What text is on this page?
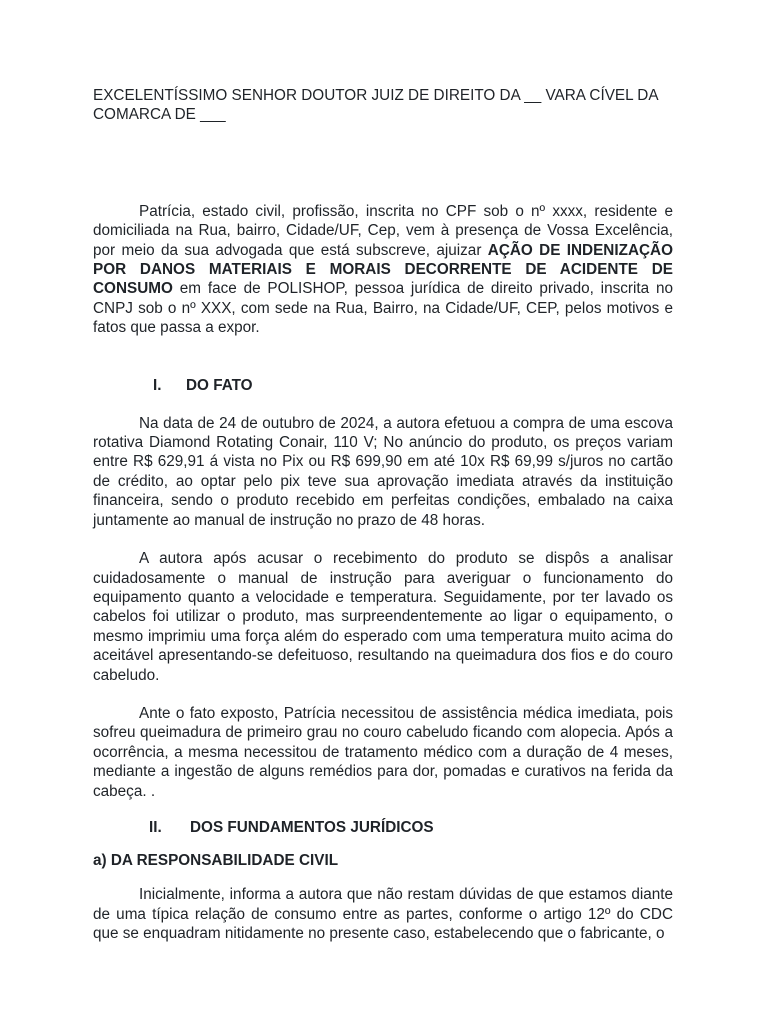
EXCELENTÍSSIMO SENHOR DOUTOR JUIZ DE DIREITO DA __ VARA CÍVEL DA COMARCA DE ___

Patrícia, estado civil, profissão, inscrita no CPF sob o nº xxxx, residente e domiciliada na Rua, bairro, Cidade/UF, Cep, vem à presença de Vossa Excelência, por meio da sua advogada que está subscreve, ajuizar AÇÃO DE INDENIZAÇÃO POR DANOS MATERIAIS E MORAIS DECORRENTE DE ACIDENTE DE CONSUMO em face de POLISHOP, pessoa jurídica de direito privado, inscrita no CNPJ sob o nº XXX, com sede na Rua, Bairro, na Cidade/UF, CEP, pelos motivos e fatos que passa a expor.

I. DO FATO

Na data de 24 de outubro de 2024, a autora efetuou a compra de uma escova rotativa Diamond Rotating Conair, 110 V; No anúncio do produto, os preços variam entre R$ 629,91 á vista no Pix ou R$ 699,90 em até 10x R$ 69,99 s/juros no cartão de crédito, ao optar pelo pix teve sua aprovação imediata através da instituição financeira, sendo o produto recebido em perfeitas condições, embalado na caixa juntamente ao manual de instrução no prazo de 48 horas.

A autora após acusar o recebimento do produto se dispôs a analisar cuidadosamente o manual de instrução para averiguar o funcionamento do equipamento quanto a velocidade e temperatura. Seguidamente, por ter lavado os cabelos foi utilizar o produto, mas surpreendentemente ao ligar o equipamento, o mesmo imprimiu uma força além do esperado com uma temperatura muito acima do aceitável apresentando-se defeituoso, resultando na queimadura dos fios e do couro cabeludo.

Ante o fato exposto, Patrícia necessitou de assistência médica imediata, pois sofreu queimadura de primeiro grau no couro cabeludo ficando com alopecia. Após a ocorrência, a mesma necessitou de tratamento médico com a duração de 4 meses, mediante a ingestão de alguns remédios para dor, pomadas e curativos na ferida da cabeça. .

II. DOS FUNDAMENTOS JURÍDICOS

a) DA RESPONSABILIDADE CIVIL

Inicialmente, informa a autora que não restam dúvidas de que estamos diante de uma típica relação de consumo entre as partes, conforme o artigo 12º do CDC que se enquadram nitidamente no presente caso, estabelecendo que o fabricante, o
